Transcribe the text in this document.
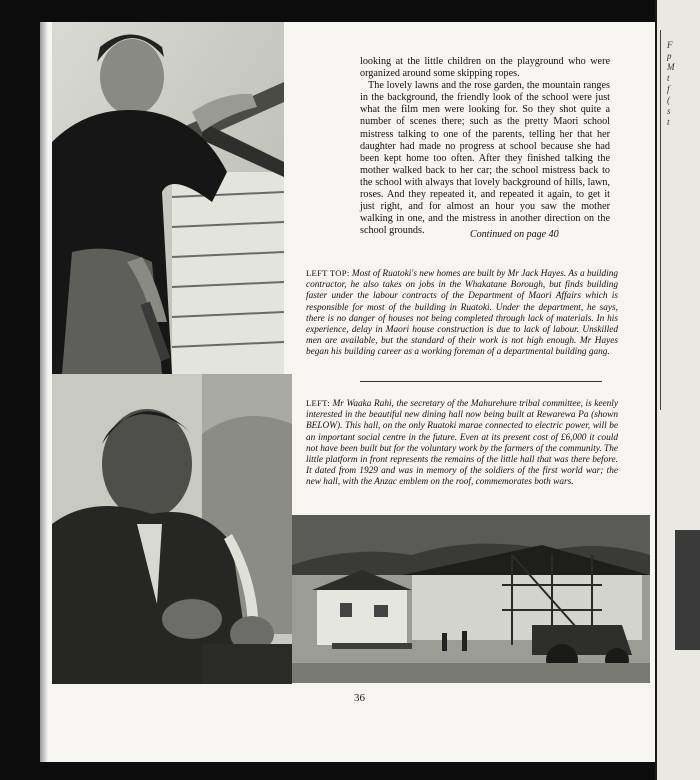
F
p
M
t
f
(
s
t

looking at the little children on the playground who were organized around some skipping ropes.

The lovely lawns and the rose garden, the mountain ranges in the background, the friendly look of the school were just what the film men were looking for. So they shot quite a number of scenes there; such as the pretty Maori school mistress talking to one of the parents, telling her that her daughter had made no progress at school because she had been kept home too often. After they finished talking the mother walked back to her car; the school mistress back to the school with always that lovely background of hills, lawn, roses. And they repeated it, and repeated it again, to get it just right, and for almost an hour you saw the mother walking in one, and the mistress in another direction on the school grounds.	Continued on page 40
LEFT TOP: Most of Ruatoki's new homes are built by Mr Jack Hayes. As a building contractor, he also takes on jobs in the Whakatane Borough, but finds building faster under the labour contracts of the Department of Maori Affairs which is responsible for most of the building in Ruatoki. Under the department, he says, there is no danger of houses not being completed through lack of materials. In his experience, delay in Maori house construction is due to lack of labour. Unskilled men are available, but the standard of their work is not high enough. Mr Hayes began his building career as a working foreman of a departmental building gang.
LEFT: Mr Waaka Rahi, the secretary of the Mahurehure tribal committee, is keenly interested in the beautiful new dining hall now being built at Rewarewa Pa (shown BELOW). This hall, on the only Ruatoki marae connected to electric power, will be an important social centre in the future. Even at its present cost of £6,000 it could not have been built but for the voluntary work by the farmers of the community. The little platform in front represents the remains of the little hall that was there before. It dated from 1929 and was in memory of the soldiers of the first world war; the new hall, with the Anzac emblem on the roof, commemorates both wars.
36
